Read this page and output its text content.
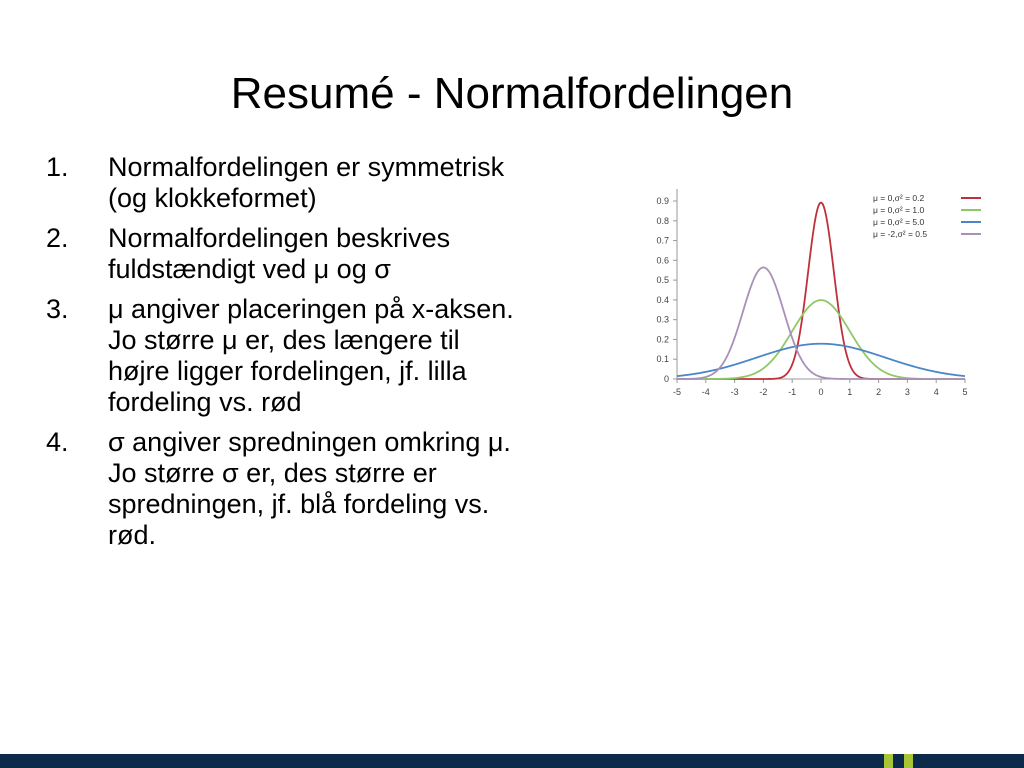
Resumé - Normalfordelingen
1. Normalfordelingen er symmetrisk
(og klokkeformet)
2. Normalfordelingen beskrives
fuldstændigt ved μ og σ
3. μ angiver placeringen på x-aksen.
Jo større μ er, des længere til
højre ligger fordelingen, jf. lilla
fordeling vs. rød
4. σ angiver spredningen omkring μ.
Jo større σ er, des større er
spredningen, jf. blå fordeling vs.
rød.
-5 -4 -3 -2 -1 0	1	2	3	4	5
0
0.1
0.2
0.3
0.4
0.5
0.6
0.7
0.8
0.9	μ = 0,σ² = 0.2
μ = 0,σ² = 1.0
μ = 0,σ² = 5.0
μ = -2,σ² = 0.5
